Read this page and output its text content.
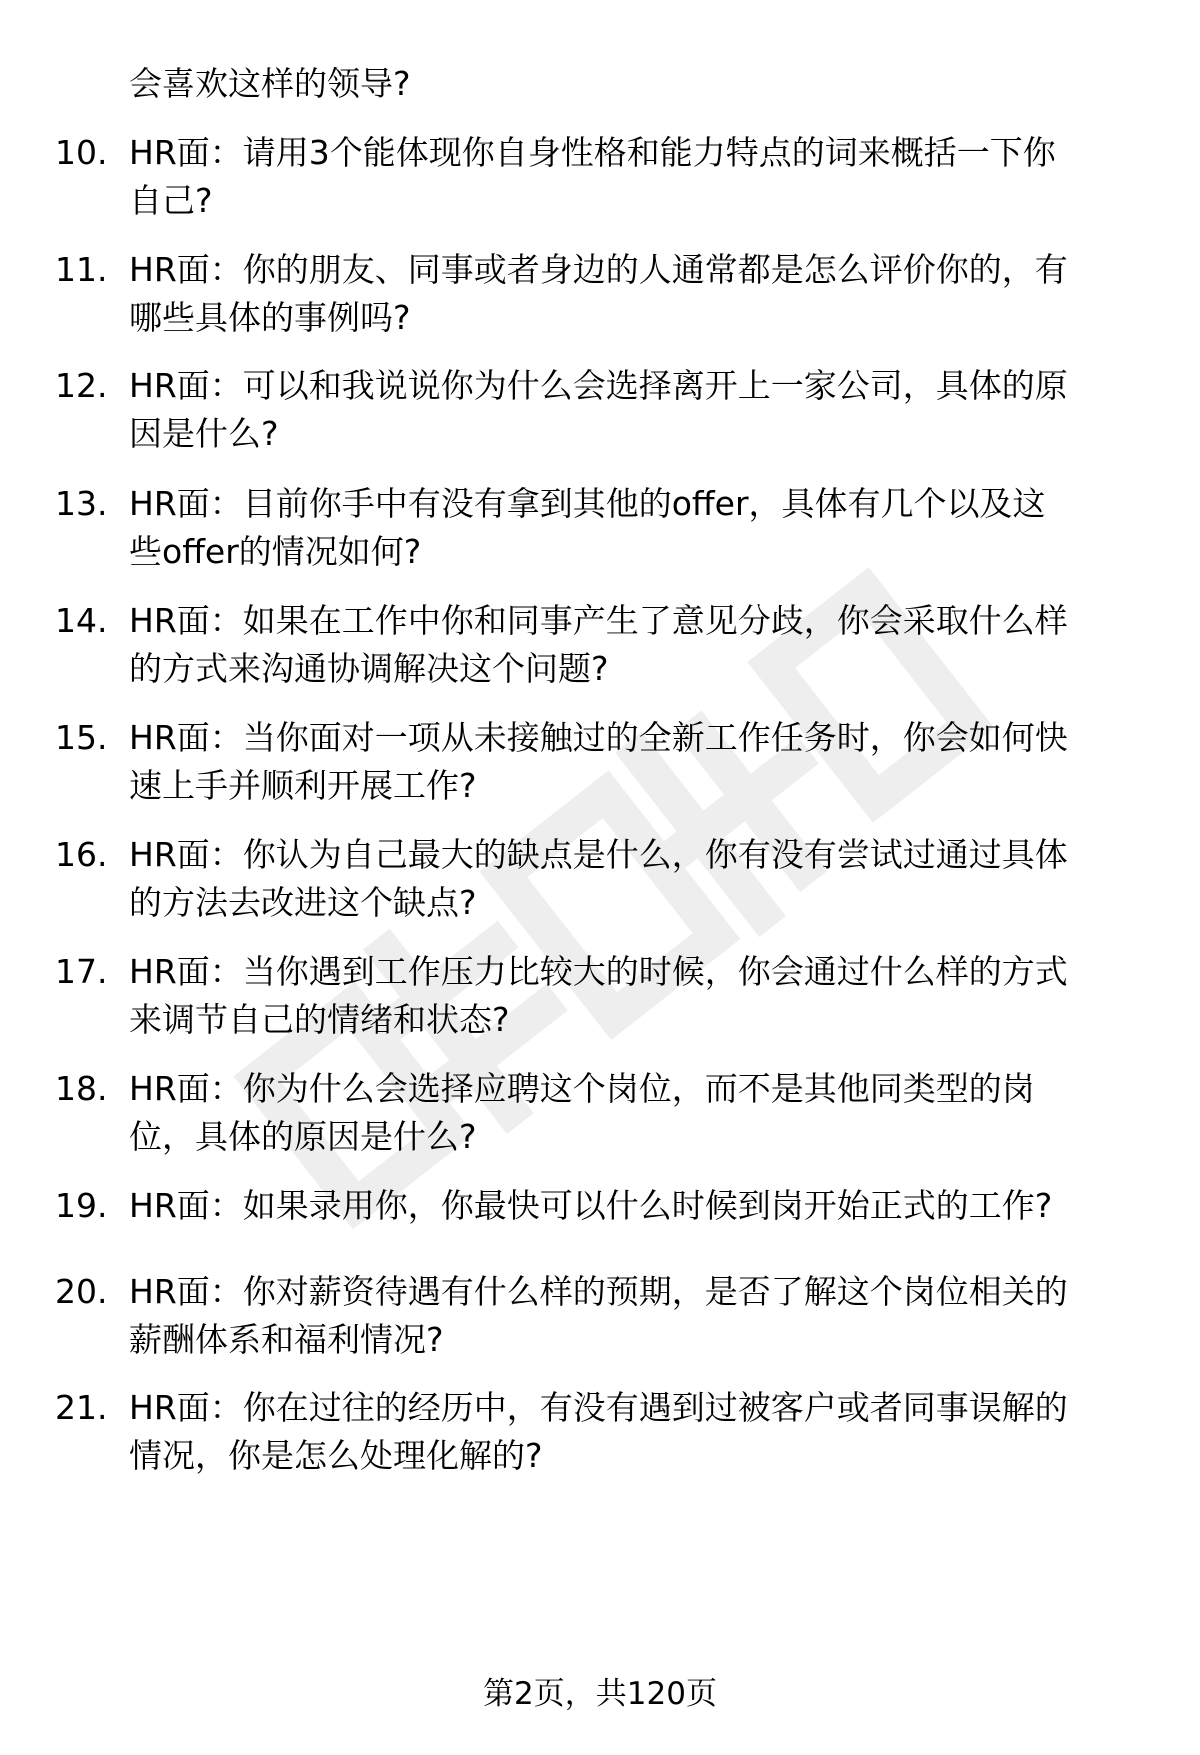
会喜欢这样的领导?
10. HR面：请用3个能体现你自身性格和能力特点的词来概括一下你
自己?
11. HR面：你的朋友、同事或者身边的人通常都是怎么评价你的，有
哪些具体的事例吗?
12. HR面：可以和我说说你为什么会选择离开上一家公司，具体的原
因是什么?
13. HR面：目前你手中有没有拿到其他的offer，具体有几个以及这
些offer的情况如何?
14. HR面：如果在工作中你和同事产生了意见分歧，你会采取什么样
的方式来沟通协调解决这个问题?
15. HR面：当你面对一项从未接触过的全新工作任务时，你会如何快
速上手并顺利开展工作?
16. HR面：你认为自己最大的缺点是什么，你有没有尝试过通过具体
的方法去改进这个缺点?
17. HR面：当你遇到工作压力比较大的时候，你会通过什么样的方式
来调节自己的情绪和状态?
18. HR面：你为什么会选择应聘这个岗位，而不是其他同类型的岗
位，具体的原因是什么?
19. HR面：如果录用你，你最快可以什么时候到岗开始正式的工作?
20. HR面：你对薪资待遇有什么样的预期，是否了解这个岗位相关的
薪酬体系和福利情况?
21. HR面：你在过往的经历中，有没有遇到过被客户或者同事误解的
情况，你是怎么处理化解的?
第2页，共120页
